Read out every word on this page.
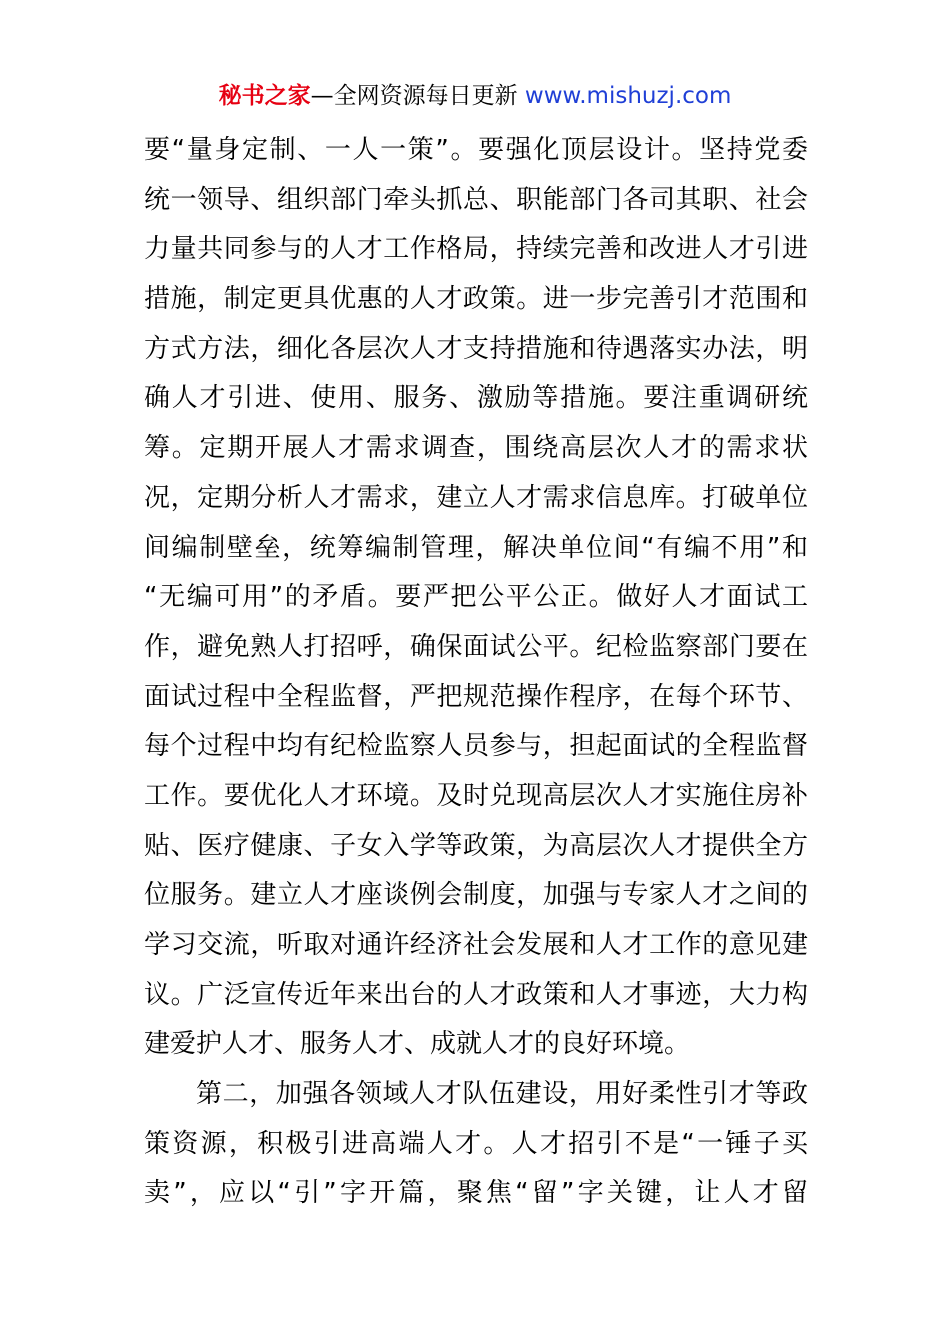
秘书之家—全网资源每日更新 www.mishuzj.com
要“量身定制、一人一策”。要强化顶层设计。坚持党委
统一领导、组织部门牵头抓总、职能部门各司其职、社会
力量共同参与的人才工作格局，持续完善和改进人才引进
措施，制定更具优惠的人才政策。进一步完善引才范围和
方式方法，细化各层次人才支持措施和待遇落实办法，明
确人才引进、使用、服务、激励等措施。要注重调研统
筹。定期开展人才需求调查，围绕高层次人才的需求状
况，定期分析人才需求，建立人才需求信息库。打破单位
间编制壁垒，统筹编制管理，解决单位间“有编不用”和
“无编可用”的矛盾。要严把公平公正。做好人才面试工
作，避免熟人打招呼，确保面试公平。纪检监察部门要在
面试过程中全程监督，严把规范操作程序，在每个环节、
每个过程中均有纪检监察人员参与，担起面试的全程监督
工作。要优化人才环境。及时兑现高层次人才实施住房补
贴、医疗健康、子女入学等政策，为高层次人才提供全方
位服务。建立人才座谈例会制度，加强与专家人才之间的
学习交流，听取对通许经济社会发展和人才工作的意见建
议。广泛宣传近年来出台的人才政策和人才事迹，大力构
建爱护人才、服务人才、成就人才的良好环境。
第二，加强各领域人才队伍建设，用好柔性引才等政
策资源，积极引进高端人才。人才招引不是“一锤子买
卖”，应以“引”字开篇，聚焦“留”字关键，让人才留
